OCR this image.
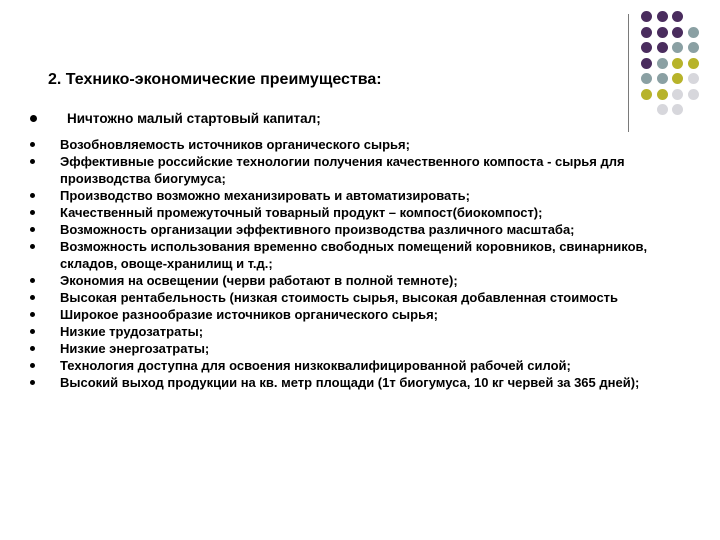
2. Технико-экономические преимущества:
Ничтожно малый стартовый капитал;
Возобновляемость источников органического сырья;
Эффективные российские технологии получения качественного компоста - сырья для производства биогумуса;
Производство возможно механизировать и автоматизировать;
Качественный промежуточный товарный продукт – компост(биокомпост);
Возможность организации эффективного производства различного масштаба;
Возможность использования временно свободных помещений коровников, свинарников, складов, овоще-хранилищ и т.д.;
Экономия на освещении (черви работают в полной темноте);
Высокая рентабельность (низкая стоимость сырья, высокая добавленная стоимость
Широкое разнообразие источников органического сырья;
Низкие трудозатраты;
Низкие энергозатраты;
Технология доступна для освоения низкоквалифицированной рабочей силой;
Высокий выход продукции на кв. метр площади (1т биогумуса, 10 кг червей за 365 дней);
